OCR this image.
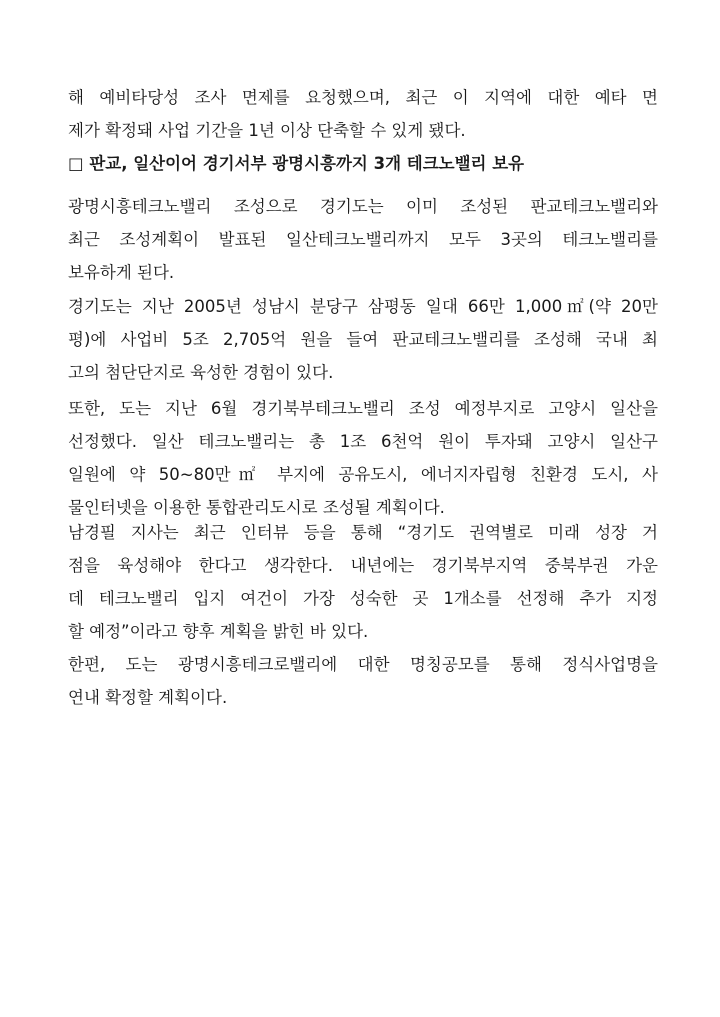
해 예비타당성 조사 면제를 요청했으며, 최근 이 지역에 대한 예타 면
제가 확정돼 사업 기간을 1년 이상 단축할 수 있게 됐다.
□ 판교, 일산이어 경기서부 광명시흥까지 3개 테크노밸리 보유
광명시흥테크노밸리 조성으로 경기도는 이미 조성된 판교테크노밸리와
최근 조성계획이 발표된 일산테크노밸리까지 모두 3곳의 테크노밸리를
보유하게 된다.
경기도는 지난 2005년 성남시 분당구 삼평동 일대 66만 1,000㎡(약 20만
평)에 사업비 5조 2,705억 원을 들여 판교테크노밸리를 조성해 국내 최
고의 첨단단지로 육성한 경험이 있다.
또한, 도는 지난 6월 경기북부테크노밸리 조성 예정부지로 고양시 일산을
선정했다. 일산 테크노밸리는 총 1조 6천억 원이 투자돼 고양시 일산구
일원에 약 50~80만㎡ 부지에 공유도시, 에너지자립형 친환경 도시, 사
물인터넷을 이용한 통합관리도시로 조성될 계획이다.
남경필 지사는 최근 인터뷰 등을 통해 “경기도 권역별로 미래 성장 거
점을 육성해야 한다고 생각한다. 내년에는 경기북부지역 중북부권 가운
데 테크노밸리 입지 여건이 가장 성숙한 곳 1개소를 선정해 추가 지정
할 예정”이라고 향후 계획을 밝힌 바 있다.
한편, 도는 광명시흥테크로밸리에 대한 명칭공모를 통해 정식사업명을
연내 확정할 계획이다.
